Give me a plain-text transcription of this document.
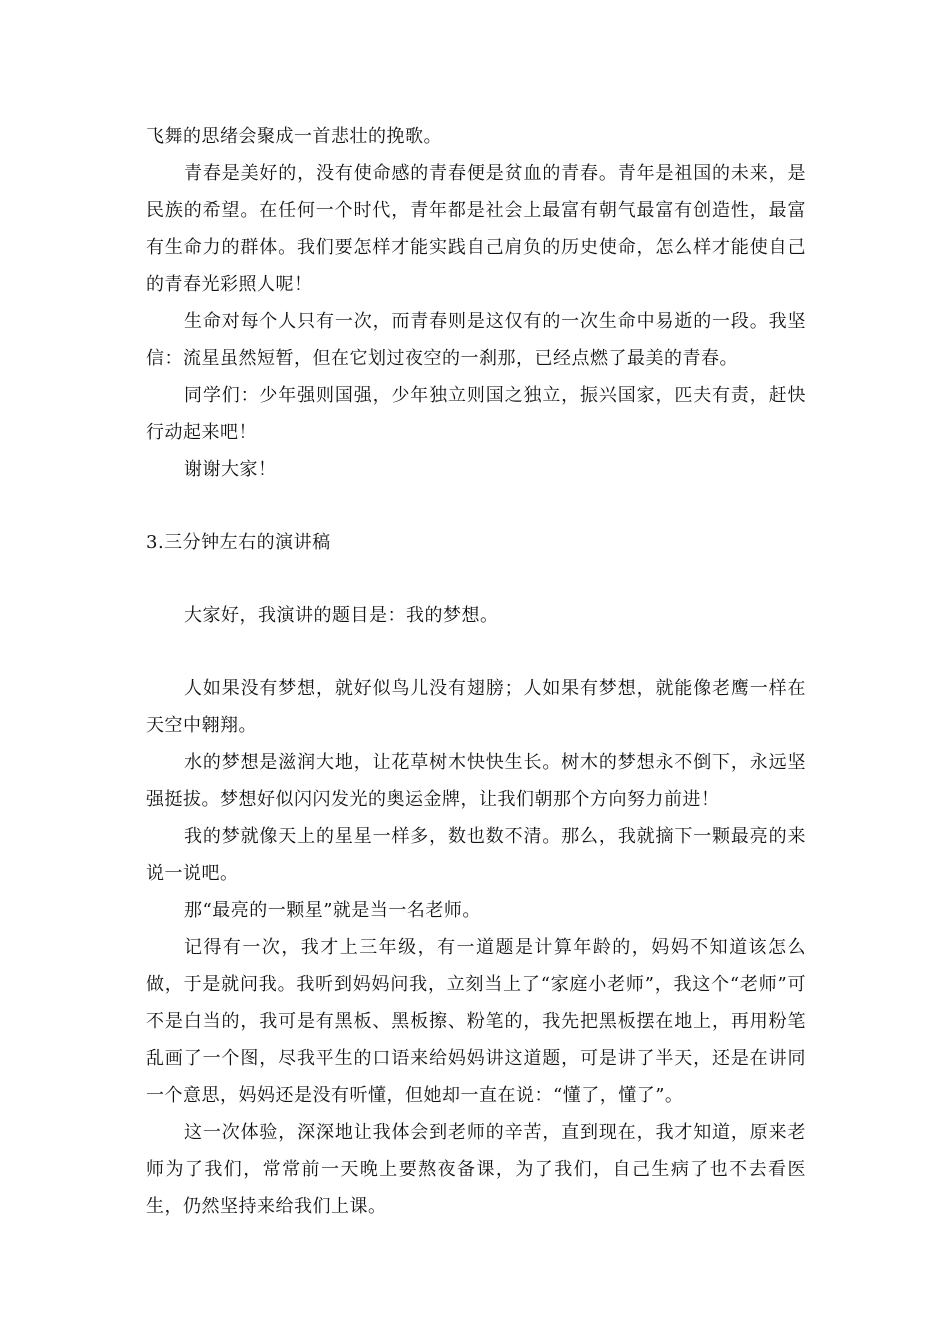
飞舞的思绪会聚成一首悲壮的挽歌。

青春是美好的，没有使命感的青春便是贫血的青春。青年是祖国的未来，是民族的希望。在任何一个时代，青年都是社会上最富有朝气最富有创造性，最富有生命力的群体。我们要怎样才能实践自己肩负的历史使命，怎么样才能使自己的青春光彩照人呢！

生命对每个人只有一次，而青春则是这仅有的一次生命中易逝的一段。我坚信：流星虽然短暂，但在它划过夜空的一刹那，已经点燃了最美的青春。

同学们：少年强则国强，少年独立则国之独立，振兴国家，匹夫有责，赶快行动起来吧！

谢谢大家！

3.三分钟左右的演讲稿

大家好，我演讲的题目是：我的梦想。

人如果没有梦想，就好似鸟儿没有翅膀；人如果有梦想，就能像老鹰一样在天空中翱翔。

水的梦想是滋润大地，让花草树木快快生长。树木的梦想永不倒下，永远坚强挺拔。梦想好似闪闪发光的奥运金牌，让我们朝那个方向努力前进！

我的梦就像天上的星星一样多，数也数不清。那么，我就摘下一颗最亮的来说一说吧。

那“最亮的一颗星”就是当一名老师。

记得有一次，我才上三年级，有一道题是计算年龄的，妈妈不知道该怎么做，于是就问我。我听到妈妈问我，立刻当上了“家庭小老师”，我这个“老师”可不是白当的，我可是有黑板、黑板擦、粉笔的，我先把黑板摆在地上，再用粉笔乱画了一个图，尽我平生的口语来给妈妈讲这道题，可是讲了半天，还是在讲同一个意思，妈妈还是没有听懂，但她却一直在说：“懂了，懂了”。

这一次体验，深深地让我体会到老师的辛苦，直到现在，我才知道，原来老师为了我们，常常前一天晚上要熬夜备课，为了我们，自己生病了也不去看医生，仍然坚持来给我们上课。
